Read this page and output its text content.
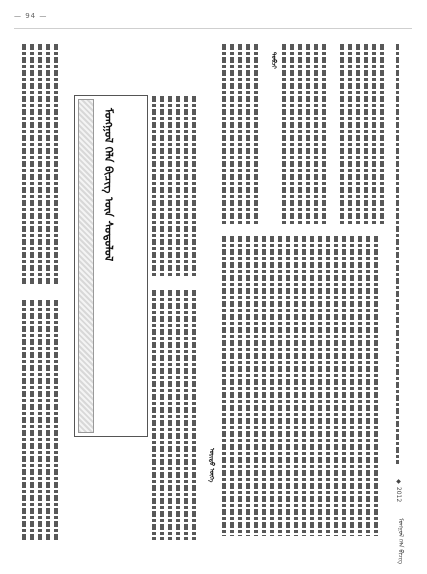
— 94 —
ᠮᠣᠩᠭᠣᠯ ᠬᠡᠯᠡ ᠪᠢᠴᠢᠭ ᠦᠨ ᠰᠤᠳᠤᠯᠤᠯ
ᠤᠷᠢᠳᠤ ᠦᠭᠡ
ᠲᠣᠪᠴᠢ
◆ 2012
ᠮᠣᠩᠭᠣᠯ ᠬᠡᠯᠡ ᠪᠢᠴᠢᠭ
